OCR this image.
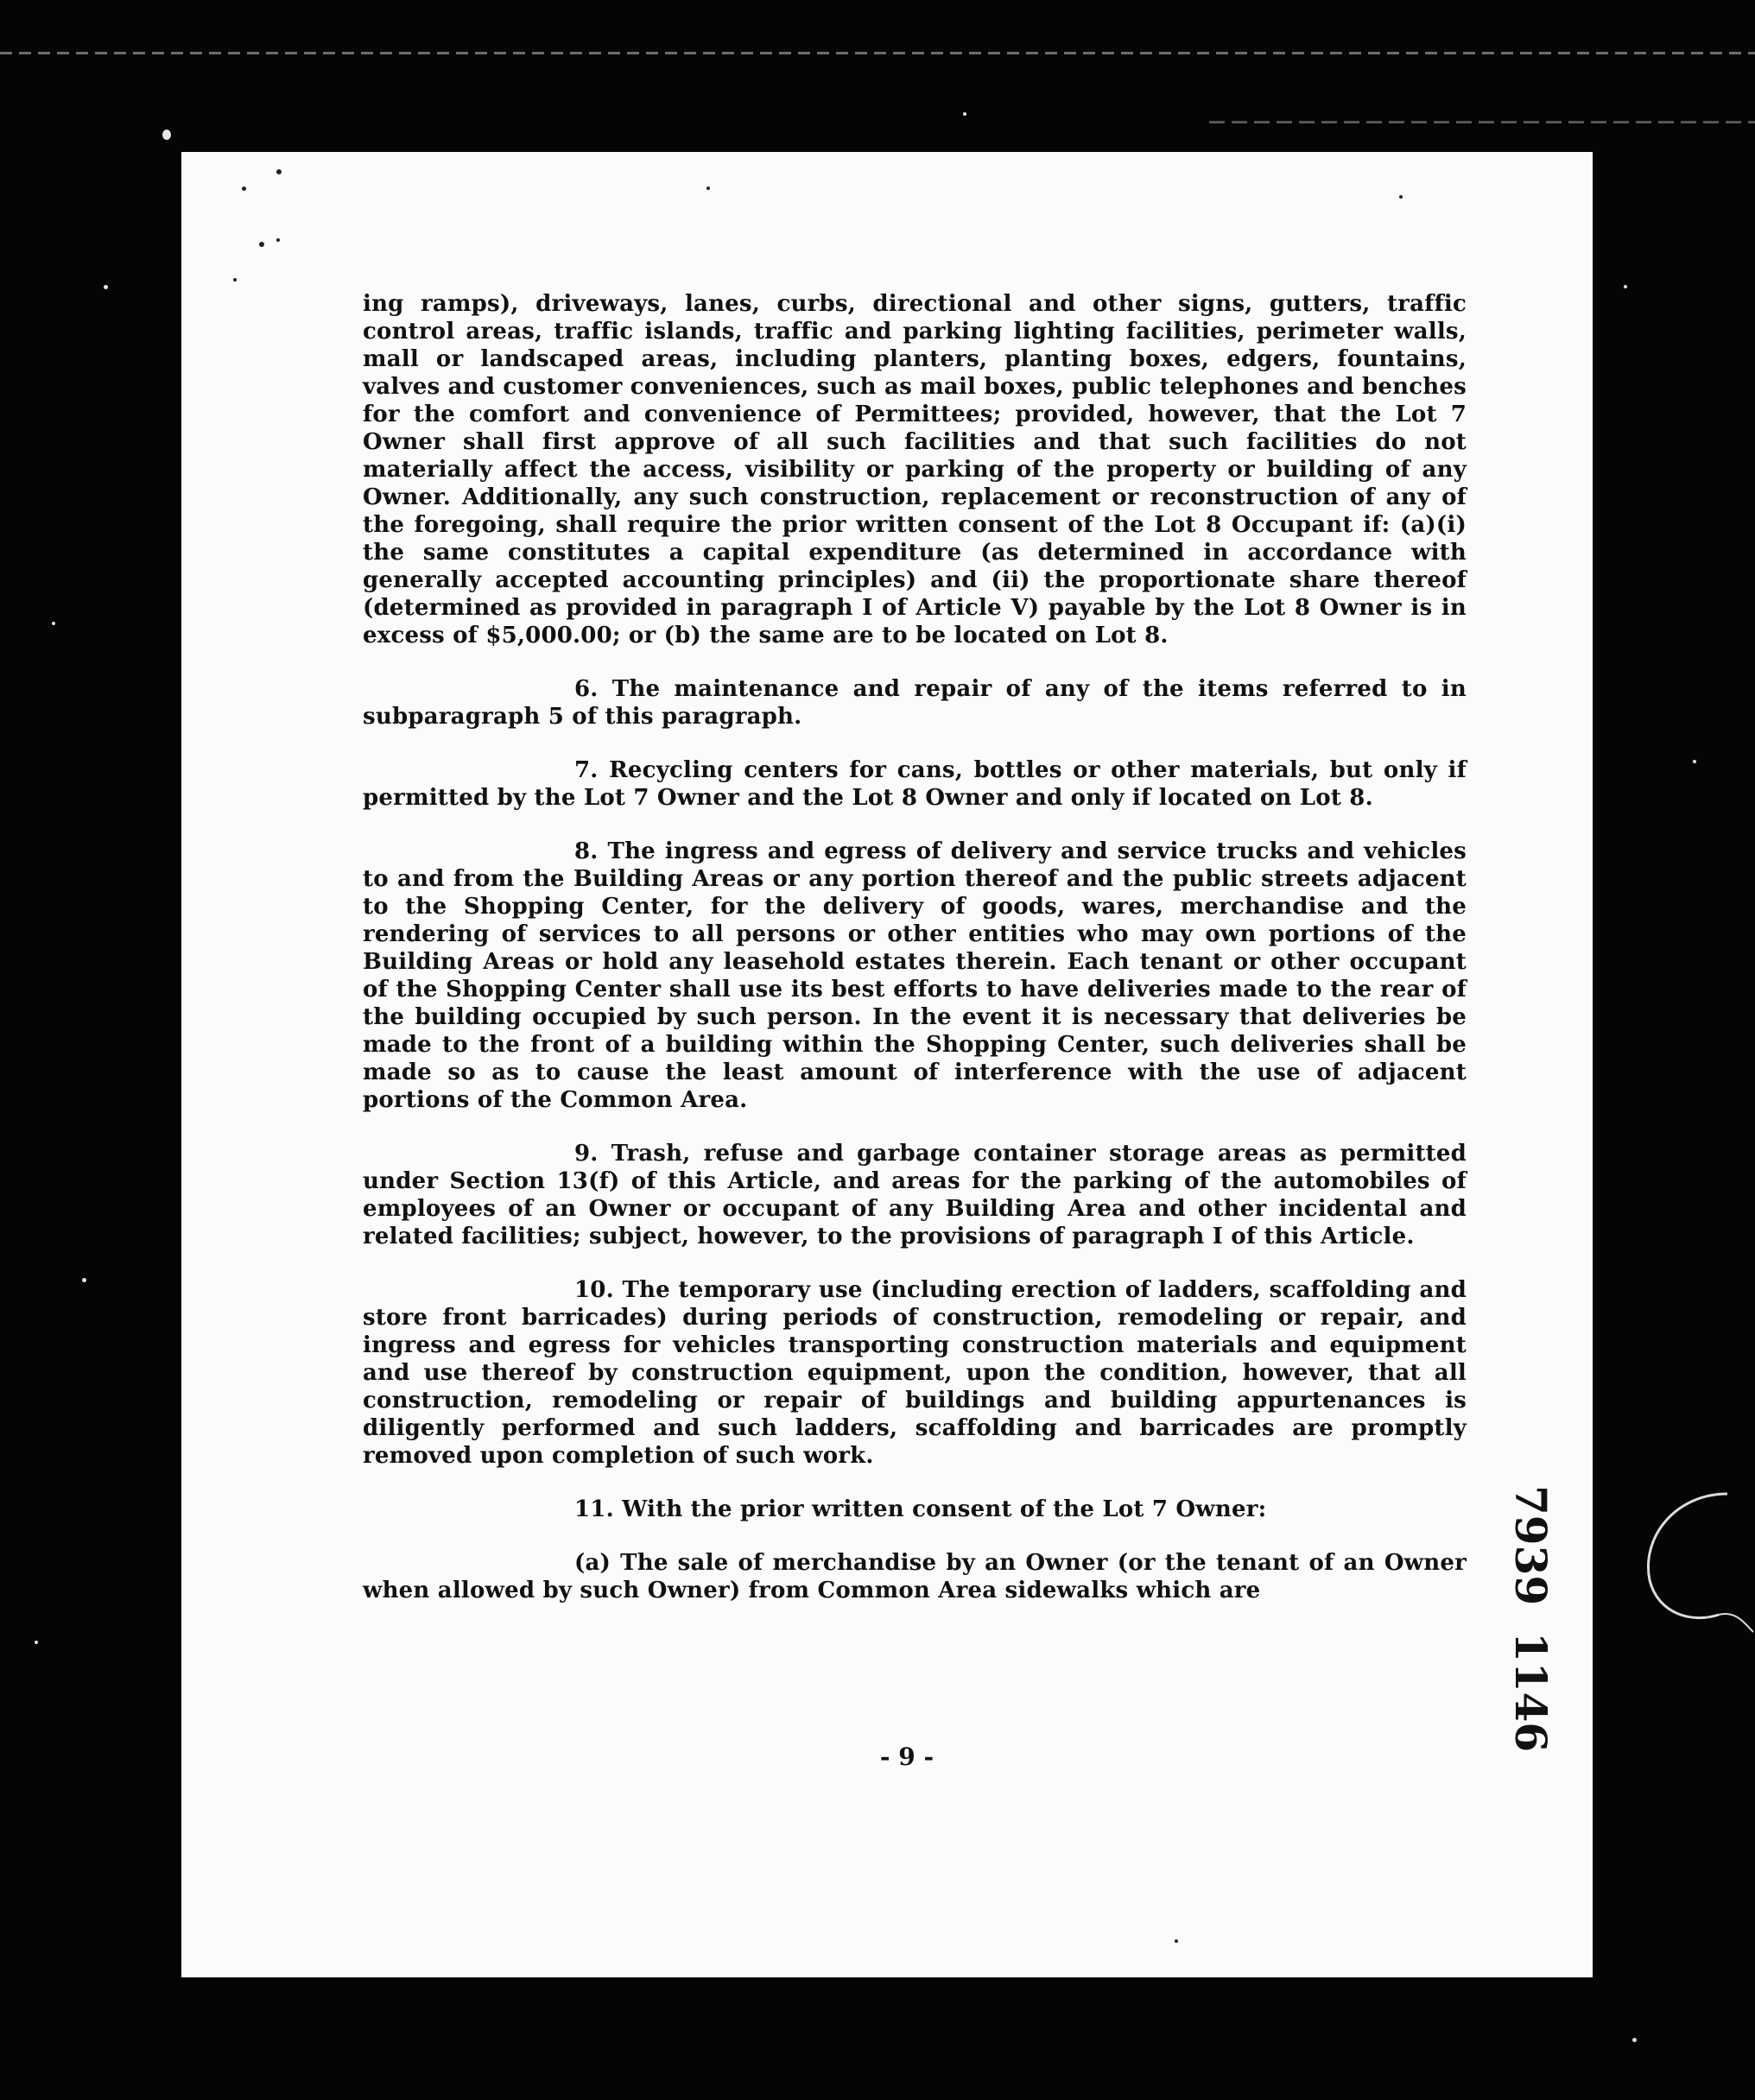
ing ramps), driveways, lanes, curbs, directional and other signs, gutters, traffic control areas, traffic islands, traffic and parking lighting facilities, perimeter walls, mall or landscaped areas, including planters, planting boxes, edgers, fountains, valves and customer conveniences, such as mail boxes, public telephones and benches for the comfort and convenience of Permittees; provided, however, that the Lot 7 Owner shall first approve of all such facilities and that such facilities do not materially affect the access, visibility or parking of the property or building of any Owner. Additionally, any such construction, replacement or reconstruction of any of the foregoing, shall require the prior written consent of the Lot 8 Occupant if: (a)(i) the same constitutes a capital expenditure (as determined in accordance with generally accepted accounting principles) and (ii) the proportionate share thereof (determined as provided in paragraph I of Article V) payable by the Lot 8 Owner is in excess of $5,000.00; or (b) the same are to be located on Lot 8.

6. The maintenance and repair of any of the items referred to in subparagraph 5 of this paragraph.

7. Recycling centers for cans, bottles or other materials, but only if permitted by the Lot 7 Owner and the Lot 8 Owner and only if located on Lot 8.

8. The ingress and egress of delivery and service trucks and vehicles to and from the Building Areas or any portion thereof and the public streets adjacent to the Shopping Center, for the delivery of goods, wares, merchandise and the rendering of services to all persons or other entities who may own portions of the Building Areas or hold any leasehold estates therein. Each tenant or other occupant of the Shopping Center shall use its best efforts to have deliveries made to the rear of the building occupied by such person. In the event it is necessary that deliveries be made to the front of a building within the Shopping Center, such deliveries shall be made so as to cause the least amount of interference with the use of adjacent portions of the Common Area.

9. Trash, refuse and garbage container storage areas as permitted under Section 13(f) of this Article, and areas for the parking of the automobiles of employees of an Owner or occupant of any Building Area and other incidental and related facilities; subject, however, to the provisions of paragraph I of this Article.

10. The temporary use (including erection of ladders, scaffolding and store front barricades) during periods of construction, remodeling or repair, and ingress and egress for vehicles transporting construction materials and equipment and use thereof by construction equipment, upon the condition, however, that all construction, remodeling or repair of buildings and building appurtenances is diligently performed and such ladders, scaffolding and barricades are promptly removed upon completion of such work.

11. With the prior written consent of the Lot 7 Owner:

(a) The sale of merchandise by an Owner (or the tenant of an Owner when allowed by such Owner) from Common Area sidewalks which are

- 9 -
7939
1146
